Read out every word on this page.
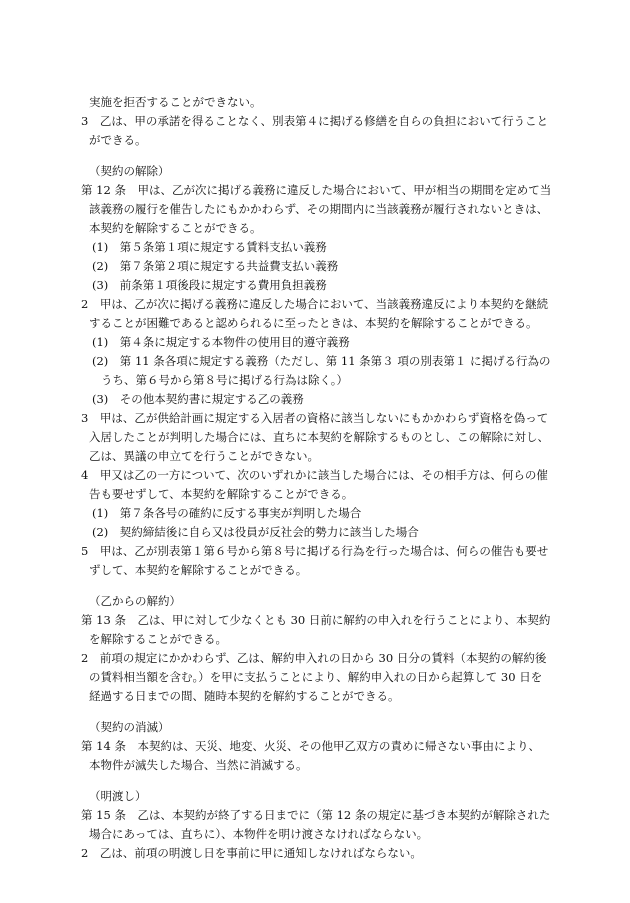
実施を拒否することができない。
3　乙は、甲の承諾を得ることなく、別表第４に掲げる修繕を自らの負担において行うこと
ができる。
（契約の解除）
第 12 条　甲は、乙が次に掲げる義務に違反した場合において、甲が相当の期間を定めて当
該義務の履行を催告したにもかかわらず、その期間内に当該義務が履行されないときは、
本契約を解除することができる。
(1)　第５条第１項に規定する賃料支払い義務
(2)　第７条第２項に規定する共益費支払い義務
(3)　前条第１項後段に規定する費用負担義務
2　甲は、乙が次に掲げる義務に違反した場合において、当該義務違反により本契約を継続
することが困難であると認められるに至ったときは、本契約を解除することができる。
(1)　第４条に規定する本物件の使用目的遵守義務
(2)　第 11 条各項に規定する義務（ただし、第 11 条第３ 項の別表第１ に掲げる行為の
うち、第６号から第８号に掲げる行為は除く。）
(3)　その他本契約書に規定する乙の義務
3　甲は、乙が供給計画に規定する入居者の資格に該当しないにもかかわらず資格を偽って
入居したことが判明した場合には、直ちに本契約を解除するものとし、この解除に対し、
乙は、異議の申立てを行うことができない。
4　甲又は乙の一方について、次のいずれかに該当した場合には、その相手方は、何らの催
告も要せずして、本契約を解除することができる。
(1)　第７条各号の確約に反する事実が判明した場合
(2)　契約締結後に自ら又は役員が反社会的勢力に該当した場合
5　甲は、乙が別表第１第６号から第８号に掲げる行為を行った場合は、何らの催告も要せ
ずして、本契約を解除することができる。
（乙からの解約）
第 13 条　乙は、甲に対して少なくとも 30 日前に解約の申入れを行うことにより、本契約
を解除することができる。
2　前項の規定にかかわらず、乙は、解約申入れの日から 30 日分の賃料（本契約の解約後
の賃料相当額を含む。）を甲に支払うことにより、解約申入れの日から起算して 30 日を
経過する日までの間、随時本契約を解約することができる。
（契約の消滅）
第 14 条　本契約は、天災、地変、火災、その他甲乙双方の責めに帰さない事由により、
本物件が滅失した場合、当然に消滅する。
（明渡し）
第 15 条　乙は、本契約が終了する日までに（第 12 条の規定に基づき本契約が解除された
場合にあっては、直ちに）、本物件を明け渡さなければならない。
2　乙は、前項の明渡し日を事前に甲に通知しなければならない。
